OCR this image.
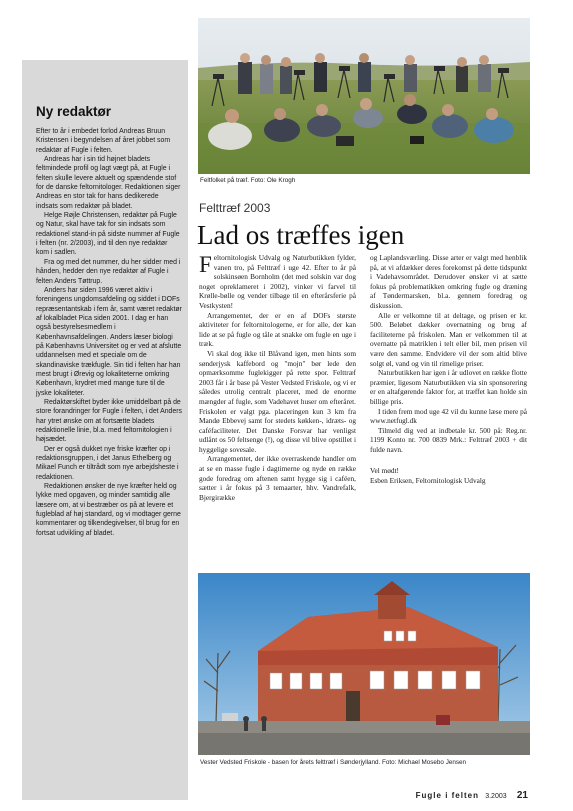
Ny redaktør

Efter to år i embedet forlod Andreas Bruun Kristensen i begyndelsen af året jobbet som redaktør af Fugle i felten.

Andreas har i sin tid højnet bladets feltmindede profil og lagt vægt på, at Fugle i felten skulle levere aktuelt og spændende stof for de danske feltornitologer. Redaktionen siger Andreas en stor tak for hans dedikerede indsats som redaktør på bladet.

Helge Røjle Christensen, redaktør på Fugle og Natur, skal have tak for sin indsats som redaktionel stand-in på sidste nummer af Fugle i felten (nr. 2/2003), ind til den nye redaktør kom i sadlen.

Fra og med det nummer, du her sidder med i hånden, hedder den nye redaktør af Fugle i felten Anders Tøttrup.

Anders har siden 1996 været aktiv i foreningens ungdomsafdeling og siddet i DOFs repræsentantskab i fem år, samt været redaktør af lokalbladet Pica siden 2001. I dag er han også bestyrelsesmedlem i Københavnsafdelingen. Anders læser biologi på Københavns Universitet og er ved at afslutte uddannelsen med et speciale om de skandinaviske trækfugle. Sin tid i felten har han mest brugt i Ørevig og lokaliteterne omkring København, krydret med mange ture til de jyske lokaliteter.

Redaktørskiftet byder ikke umiddelbart på de store forandringer for Fugle i felten, i det Anders har ytret ønske om at fortsætte bladets redaktionelle linie, bl.a. med feltornitologien i højsædet.

Der er også dukket nye friske kræfter op i redaktionsgruppen, i det Janus Ethelberg og Mikael Funch er tiltrådt som nye arbejdsheste i redaktionen.

Redaktionen ønsker de nye kræfter held og lykke med opgaven, og minder samtidig alle læsere om, at vi bestræber os på at levere et fugleblad af høj standard, og vi modtager gerne kommentarer og tilkendegivelser, til brug for en fortsat udvikling af bladet.

Feltfolket på træf. Foto: Ole Krogh
Felttræf 2003
Lad os træffes igen

Feltornitologisk Udvalg og Naturbutikken fylder, vanen tro, på Felttræf i uge 42. Efter to år på solskinsøen Bornholm (det med solskin var dog noget opreklameret i 2002), vinker vi farvel til Krølle-bølle og vender tilbage til en efterårsferie på Vestkysten!

Arrangementet, der er en af DOFs største aktiviteter for feltornitologerne, er for alle, der kan lide at se på fugle og tåle at snakke om fugle en uge i træk.

Vi skal dog ikke til Blåvand igen, men hints som sønderjysk kaffebord og "mojn" bør lede den opmærksomme fuglekigger på rette spor. Felttræf 2003 får i år base på Vester Vedsted Friskole, og vi er således utrolig centralt placeret, med de enorme mængder af fugle, som Vadehavet huser om efteråret. Friskolen er valgt pga. placeringen kun 3 km fra Mandø Ebbevej samt for stedets køkken-, idræts- og caféfaciliteter. Det Danske Forsvar har venligst udlånt os 50 feltsenge (!), og disse vil blive opstillet i hyggelige sovesale.

Arrangementet, der ikke overraskende handler om at se en masse fugle i dagtimerne og nyde en række gode foredrag om aftenen samt hygge sig i caféen, sætter i år fokus på 3 temaarter, hhv. Vandrefalk, Bjergirække

og Laplandsværling. Disse arter er valgt med henblik på, at vi afdækker deres forekomst på dette tidspunkt i Vadehavsområdet. Derudover ønsker vi at sætte fokus på problematikken omkring fugle og dræning af Tøndermarsken, bl.a. gennem foredrag og diskussion.

Alle er velkomne til at deltage, og prisen er kr. 500. Beløbet dækker overnatning og brug af faciliteterne på friskolen. Man er velkommen til at overnatte på matriklen i telt eller bil, men prisen vil være den samme. Endvidere vil der som altid blive solgt øl, vand og vin til rimelige priser.

Naturbutikken har igen i år udlovet en række flotte præmier, ligesom Naturbutikken via sin sponsorering er en altafgørende faktor for, at træffet kan holde sin billige pris.

I tiden frem mod uge 42 vil du kunne læse mere på www.netfugl.dk

Tilmeld dig ved at indbetale kr. 500 på: Reg.nr. 1199 Konto nr. 700 0839 Mrk.: Felttræf 2003 + dit fulde navn.

Vel mødt!

Esben Eriksen, Feltornitologisk Udvalg

Vester Vedsted Friskole - basen for årets felttræf i Sønderjylland. Foto: Michael Mosebo Jensen
Fugle i felten 3.2003 21
